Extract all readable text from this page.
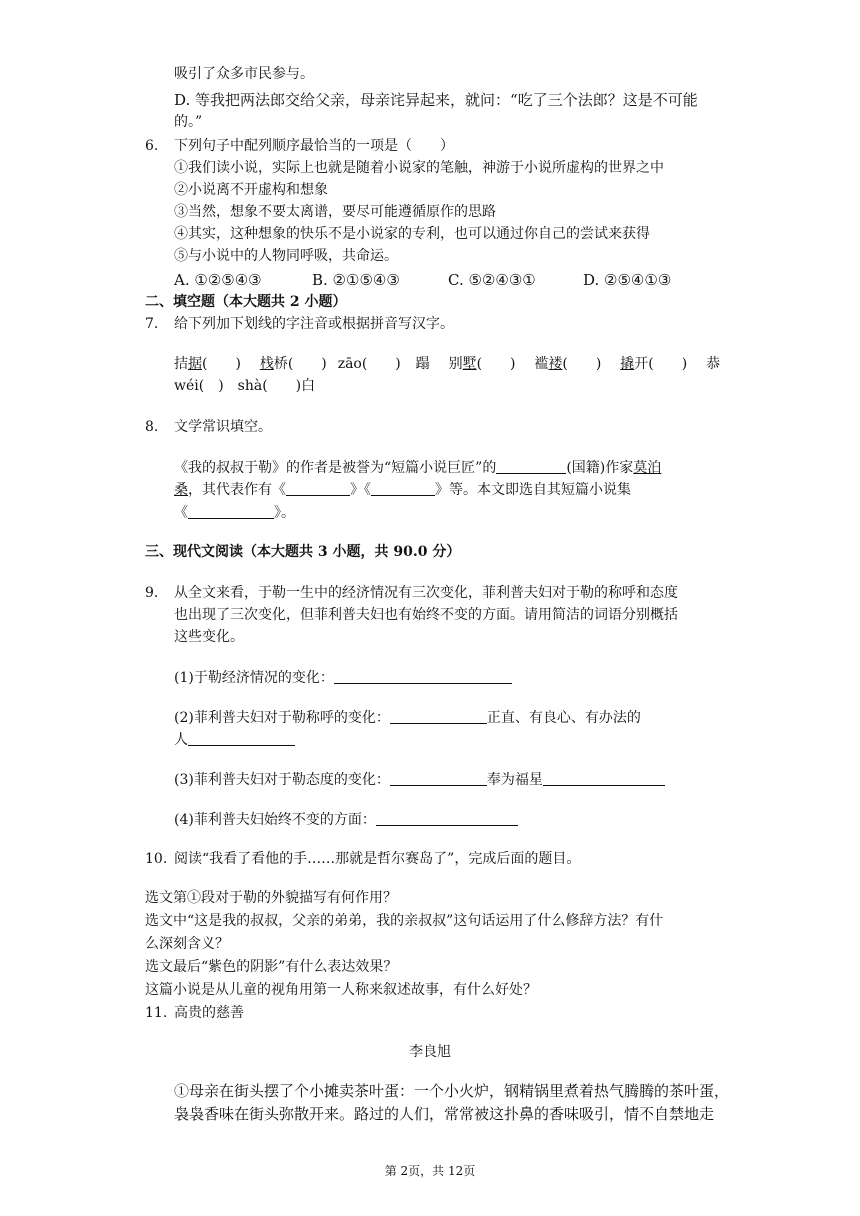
吸引了众多市民参与。
D. 等我把两法郎交给父亲，母亲诧异起来，就问：“吃了三个法郎？这是不可能
的。”
6. 下列句子中配列顺序最恰当的一项是（　　）
①我们读小说，实际上也就是随着小说家的笔触，神游于小说所虚构的世界之中
②小说离不开虚构和想象
③当然，想象不要太离谱，要尽可能遵循原作的思路
④其实，这种想象的快乐不是小说家的专利，也可以通过你自己的尝试来获得
⑤与小说中的人物同呼吸，共命运。
A. ①②⑤④③	B. ②①⑤④③	C. ⑤②④③①	D. ②⑤④①③
二、填空题（本大题共 2 小题）
7. 给下列加下划线的字注音或根据拼音写汉字。
拮据(　　) 栈桥(　　) zāo(　　) 蹋 别墅(　　) 褴褛(　　) 撬开(　　) 恭
wéi(　)　shà(　　)白
8. 文学常识填空。
《我的叔叔于勒》的作者是被誉为“短篇小说巨匠”的	(国籍)作家莫泊
桑，其代表作有《	》《	》等。本文即选自其短篇小说集
《	》。
三、现代文阅读（本大题共 3 小题，共 90.0 分）
9. 从全文来看，于勒一生中的经济情况有三次变化，菲利普夫妇对于勒的称呼和态度
也出现了三次变化，但菲利普夫妇也有始终不变的方面。请用简洁的词语分别概括
这些变化。
(1)于勒经济情况的变化：
(2)菲利普夫妇对于勒称呼的变化：	正直、有良心、有办法的
人
(3)菲利普夫妇对于勒态度的变化：	奉为福星
(4)菲利普夫妇始终不变的方面：
10. 阅读“我看了看他的手……那就是哲尔赛岛了”，完成后面的题目。
选文第①段对于勒的外貌描写有何作用？
选文中“这是我的叔叔，父亲的弟弟，我的亲叔叔”这句话运用了什么修辞方法？有什
么深刻含义？
选文最后“紫色的阴影”有什么表达效果？
这篇小说是从儿童的视角用第一人称来叙述故事，有什么好处？
11. 高贵的慈善
李良旭
①母亲在街头摆了个小摊卖茶叶蛋：一个小火炉，钢精锅里煮着热气腾腾的茶叶蛋，
袅袅香味在街头弥散开来。路过的人们，常常被这扑鼻的香味吸引，情不自禁地走
第 2页，共 12页
